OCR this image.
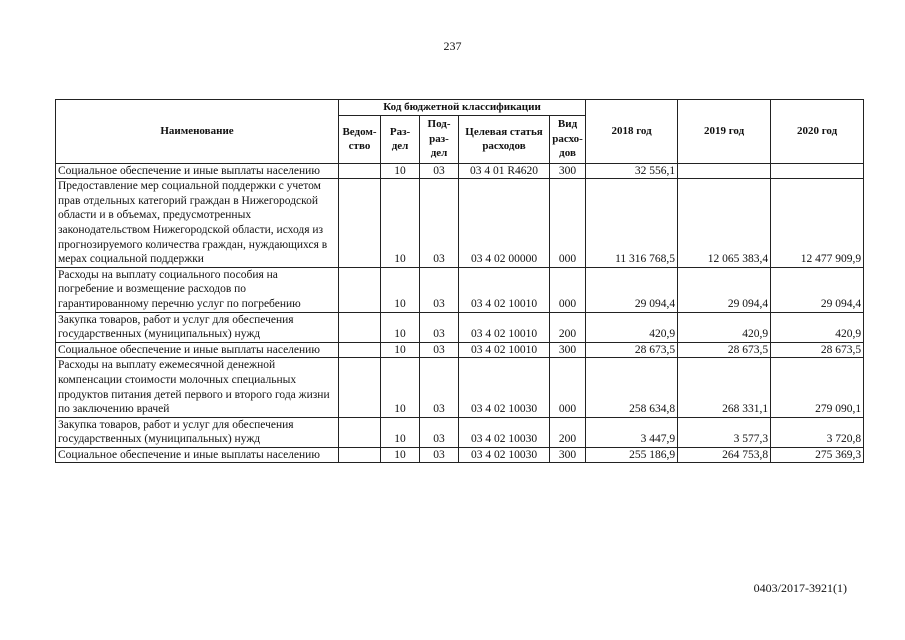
237
Наименование	Код бюджетной классификации					2018 год	2019 год	2020 год
	Ведом-ство	Раз-дел	Под-раз-дел	Целевая статья расходов	Вид расхо-дов			
Социальное обеспечение и иные выплаты населению		10	03	03 4 01 R4620	300	32 556,1		
Предоставление мер социальной поддержки с учетом прав отдельных категорий граждан в Нижегородской области и в объемах, предусмотренных законодательством Нижегородской области, исходя из прогнозируемого количества граждан, нуждающихся в мерах социальной поддержки		10	03	03 4 02 00000	000	11 316 768,5	12 065 383,4	12 477 909,9
Расходы на выплату социального пособия на погребение и возмещение расходов по гарантированному перечню услуг по погребению		10	03	03 4 02 10010	000	29 094,4	29 094,4	29 094,4
Закупка товаров, работ и услуг для обеспечения государственных (муниципальных) нужд		10	03	03 4 02 10010	200	420,9	420,9	420,9
Социальное обеспечение и иные выплаты населению		10	03	03 4 02 10010	300	28 673,5	28 673,5	28 673,5
Расходы на выплату ежемесячной денежной компенсации стоимости молочных специальных продуктов питания детей первого и второго года жизни по заключению врачей		10	03	03 4 02 10030	000	258 634,8	268 331,1	279 090,1
Закупка товаров, работ и услуг для обеспечения государственных (муниципальных) нужд		10	03	03 4 02 10030	200	3 447,9	3 577,3	3 720,8
Социальное обеспечение и иные выплаты населению		10	03	03 4 02 10030	300	255 186,9	264 753,8	275 369,3
0403/2017-3921(1)
